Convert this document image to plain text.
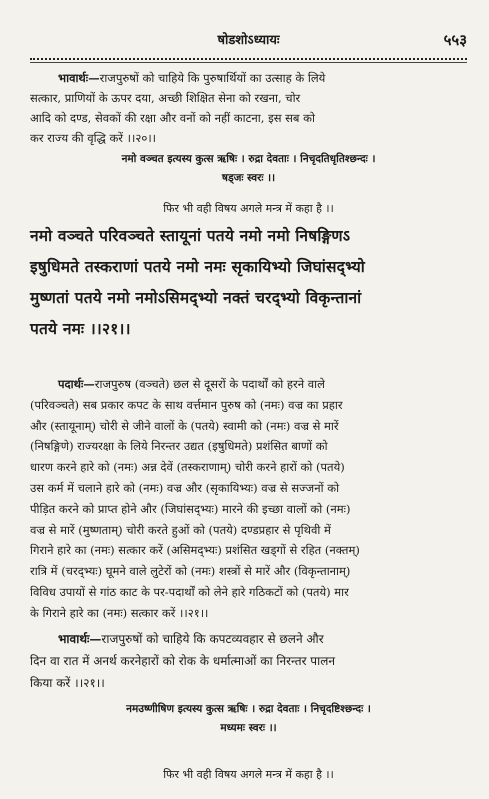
षोडशोऽध्यायः	५५३
भावार्थः—राजपुरुषों को चाहिये कि पुरुषार्थियों का उत्साह के लिये
सत्कार, प्राणियों के ऊपर दया, अच्छी शिक्षित सेना को रखना, चोर
आदि को दण्ड, सेवकों की रक्षा और वनों को नहीं काटना, इस सब को
कर राज्य की वृद्धि करें ।।२०।।
नमो वञ्चत इत्यस्य कुत्स ऋषिः । रुद्रा देवताः । निचृदतिधृतिश्छन्दः ।
षड्जः स्वरः ।।
फिर भी वही विषय अगले मन्त्र में कहा है ।।
नमो वञ्चते परिवञ्चते स्तायूनां पतये नमो नमो निषङ्गिणऽ
इषुधिमते तस्कराणां पतये नमो नमः सृकायिभ्यो जिघांसद्भ्यो
मुष्णतां पतये नमो नमोऽसिमद्भ्यो नक्तं चरद्भ्यो विकृन्तानां
पतये नमः ।।२१।।
पदार्थः—राजपुरुष (वञ्चते) छल से दूसरों के पदार्थों को हरने वाले
(परिवञ्चते) सब प्रकार कपट के साथ वर्त्तमान पुरुष को (नमः) वज्र का प्रहार
और (स्तायूनाम्) चोरी से जीने वालों के (पतये) स्वामी को (नमः) वज्र से मारें
(निषङ्गिणे) राज्यरक्षा के लिये निरन्तर उद्यत (इषुधिमते) प्रशंसित बाणों को
धारण करने हारे को (नमः) अन्न देवें (तस्कराणाम्) चोरी करने हारों को (पतये)
उस कर्म में चलाने हारे को (नमः) वज्र और (सृकायिभ्यः) वज्र से सज्जनों को
पीड़ित करने को प्राप्त होने और (जिघांसद्भ्यः) मारने की इच्छा वालों को (नमः)
वज्र से मारें (मुष्णताम्) चोरी करते हुओं को (पतये) दण्डप्रहार से पृथिवी में
गिराने हारे का (नमः) सत्कार करें (असिमद्भ्यः) प्रशंसित खड्गों से रहित (नक्तम्)
रात्रि में (चरद्भ्यः) घूमने वाले लुटेरों को (नमः) शस्त्रों से मारें और (विकृन्तानाम्)
विविध उपायों से गांठ काट के पर-पदार्थों को लेने हारे गठिकटों को (पतये) मार
के गिराने हारे का (नमः) सत्कार करें ।।२१।।
भावार्थः—राजपुरुषों को चाहिये कि कपटव्यवहार से छलने और
दिन वा रात में अनर्थ करनेहारों को रोक के धर्मात्माओं का निरन्तर पालन
किया करें ।।२१।।
नमउष्णीषिण इत्यस्य कुत्स ऋषिः । रुद्रा देवताः । निचृदष्टिश्छन्दः ।
मध्यमः स्वरः ।।
फिर भी वही विषय अगले मन्त्र में कहा है ।।
